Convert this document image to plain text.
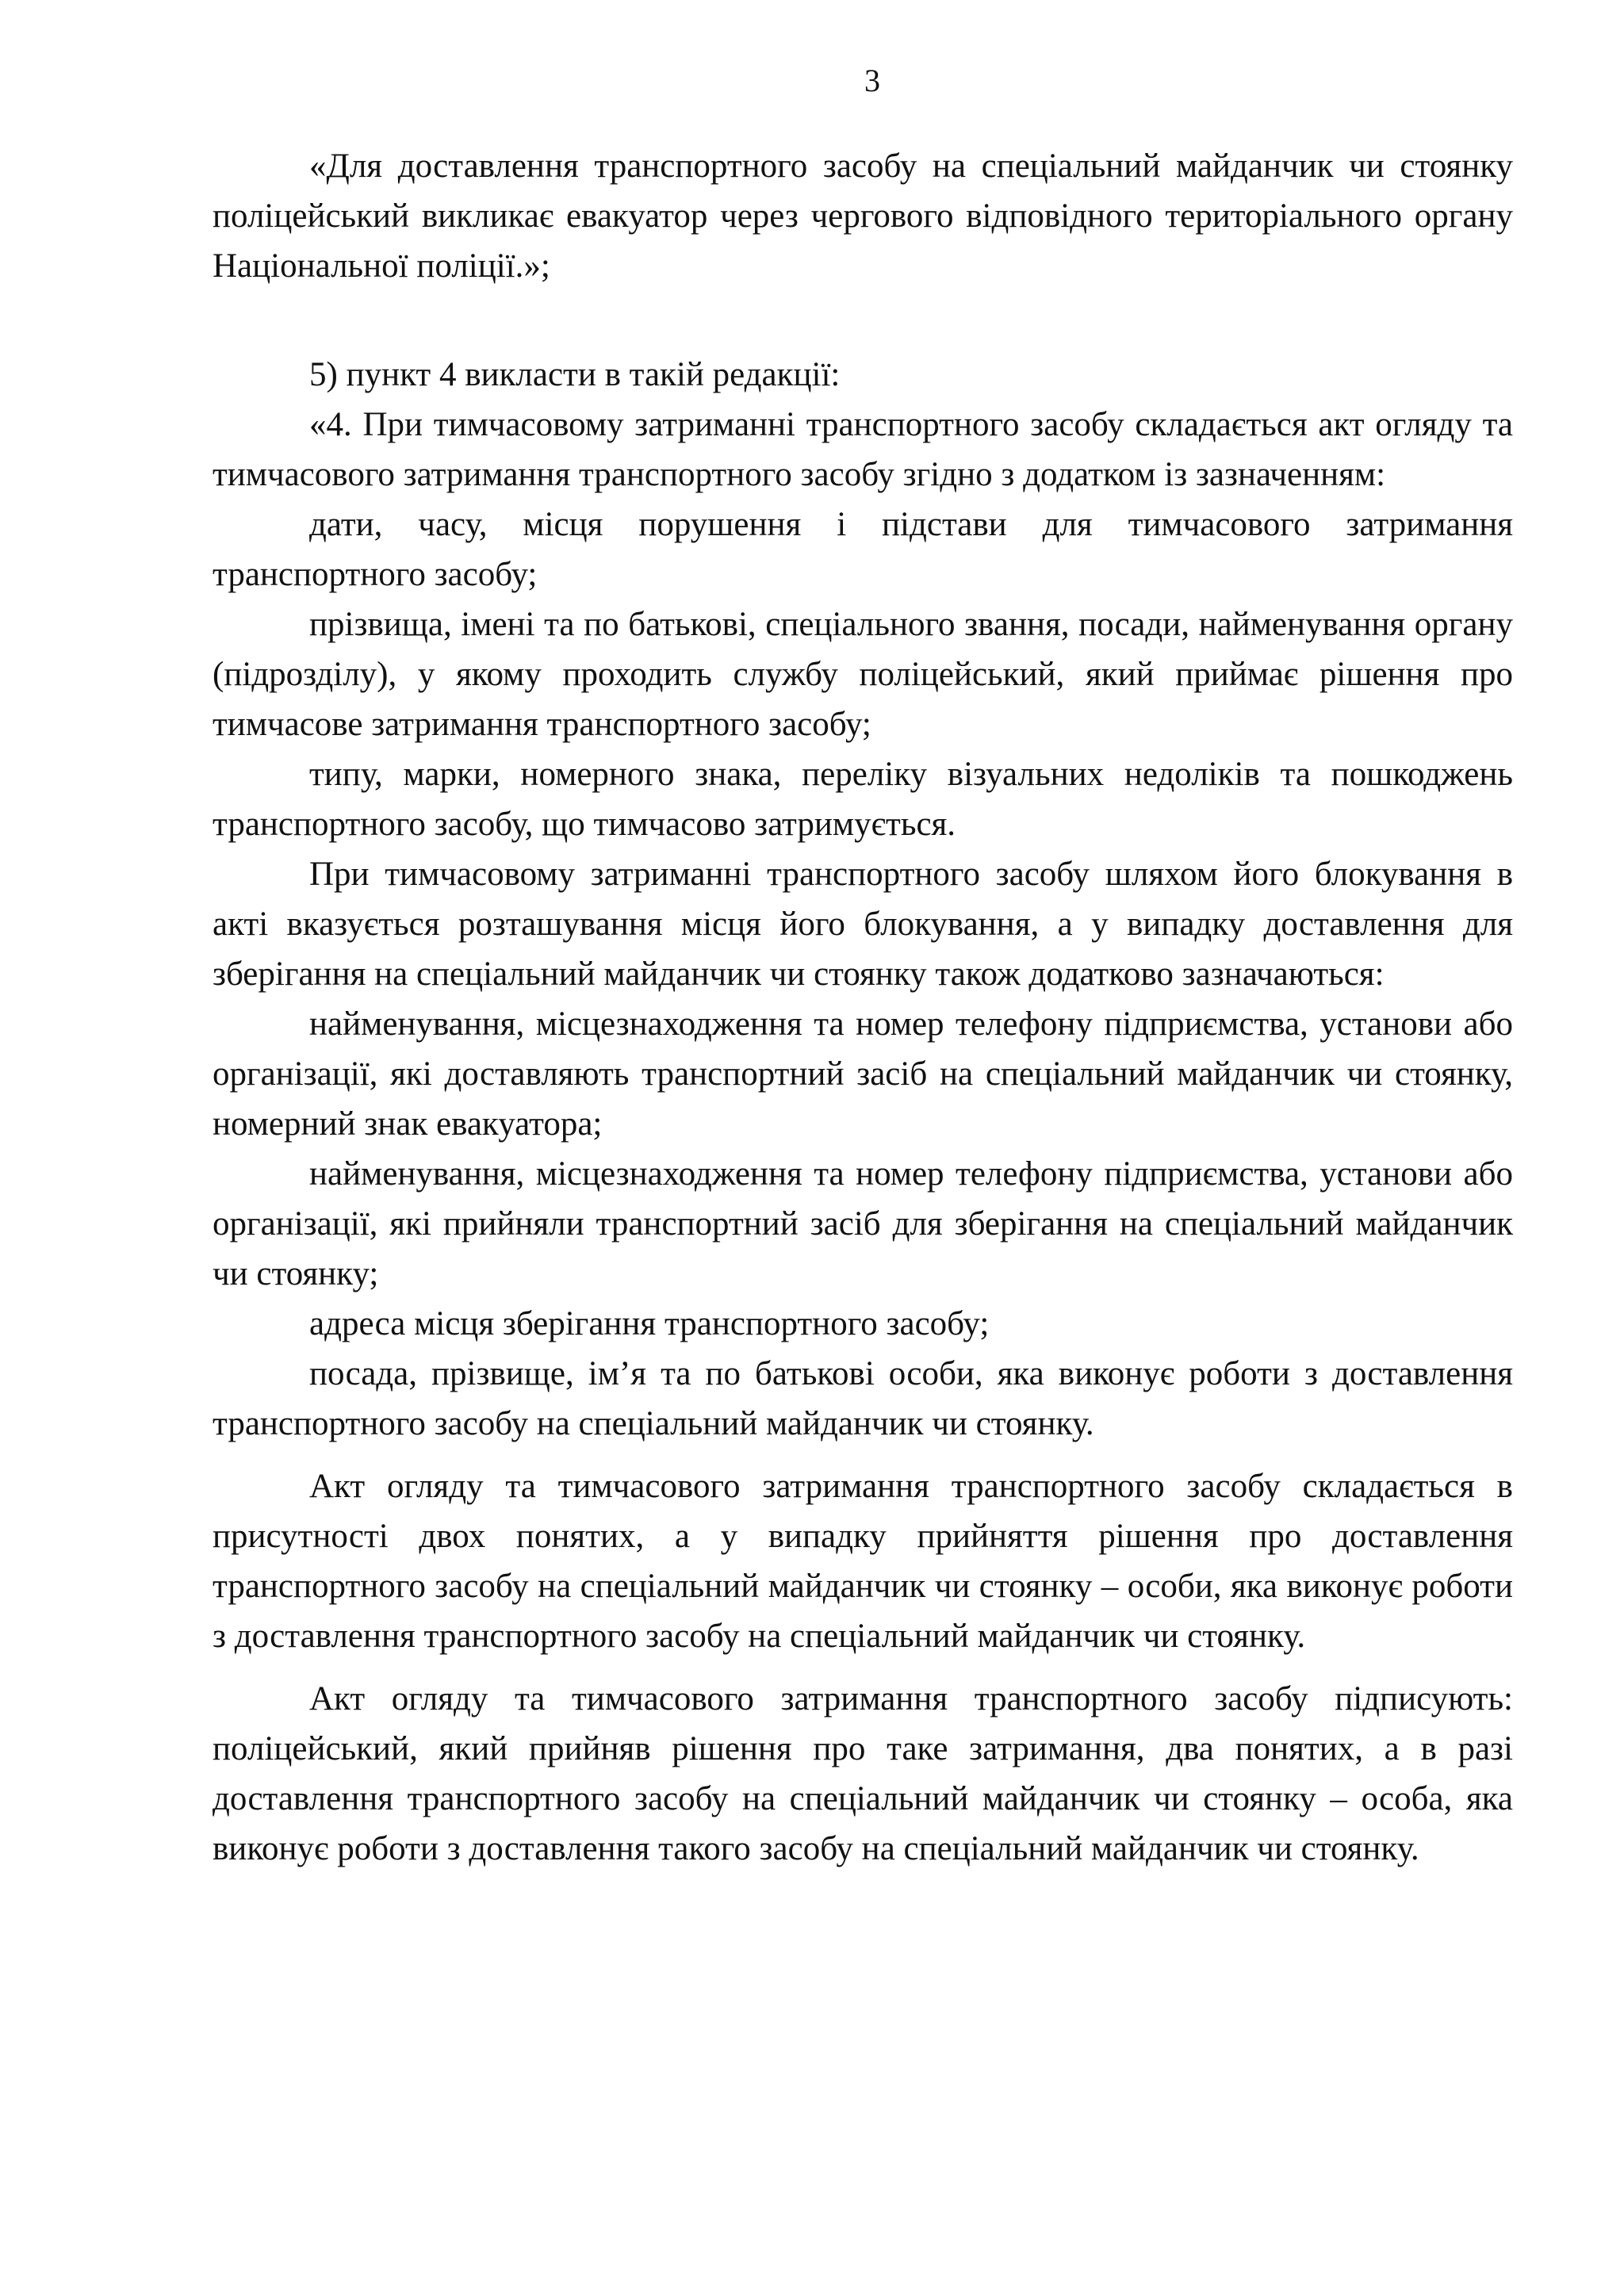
3

«Для доставлення транспортного засобу на спеціальний майданчик чи стоянку поліцейський викликає евакуатор через чергового відповідного територіального органу Національної поліції.»;

5) пункт 4 викласти в такій редакції:

«4. При тимчасовому затриманні транспортного засобу складається акт огляду та тимчасового затримання транспортного засобу згідно з додатком із зазначенням:

дати, часу, місця порушення і підстави для тимчасового затримання транспортного засобу;

прізвища, імені та по батькові, спеціального звання, посади, найменування органу (підрозділу), у якому проходить службу поліцейський, який приймає рішення про тимчасове затримання транспортного засобу;

типу, марки, номерного знака, переліку візуальних недоліків та пошкоджень транспортного засобу, що тимчасово затримується.

При тимчасовому затриманні транспортного засобу шляхом його блокування в акті вказується розташування місця його блокування, а у випадку доставлення для зберігання на спеціальний майданчик чи стоянку також додатково зазначаються:

найменування, місцезнаходження та номер телефону підприємства, установи або організації, які доставляють транспортний засіб на спеціальний майданчик чи стоянку, номерний знак евакуатора;

найменування, місцезнаходження та номер телефону підприємства, установи або організації, які прийняли транспортний засіб для зберігання на спеціальний майданчик чи стоянку;

адреса місця зберігання транспортного засобу;

посада, прізвище, ім’я та по батькові особи, яка виконує роботи з доставлення транспортного засобу на спеціальний майданчик чи стоянку.

Акт огляду та тимчасового затримання транспортного засобу складається в присутності двох понятих, а у випадку прийняття рішення про доставлення транспортного засобу на спеціальний майданчик чи стоянку – особи, яка виконує роботи з доставлення транспортного засобу на спеціальний майданчик чи стоянку.

Акт огляду та тимчасового затримання транспортного засобу підписують: поліцейський, який прийняв рішення про таке затримання, два понятих, а в разі доставлення транспортного засобу на спеціальний майданчик чи стоянку – особа, яка виконує роботи з доставлення такого засобу на спеціальний майданчик чи стоянку.
